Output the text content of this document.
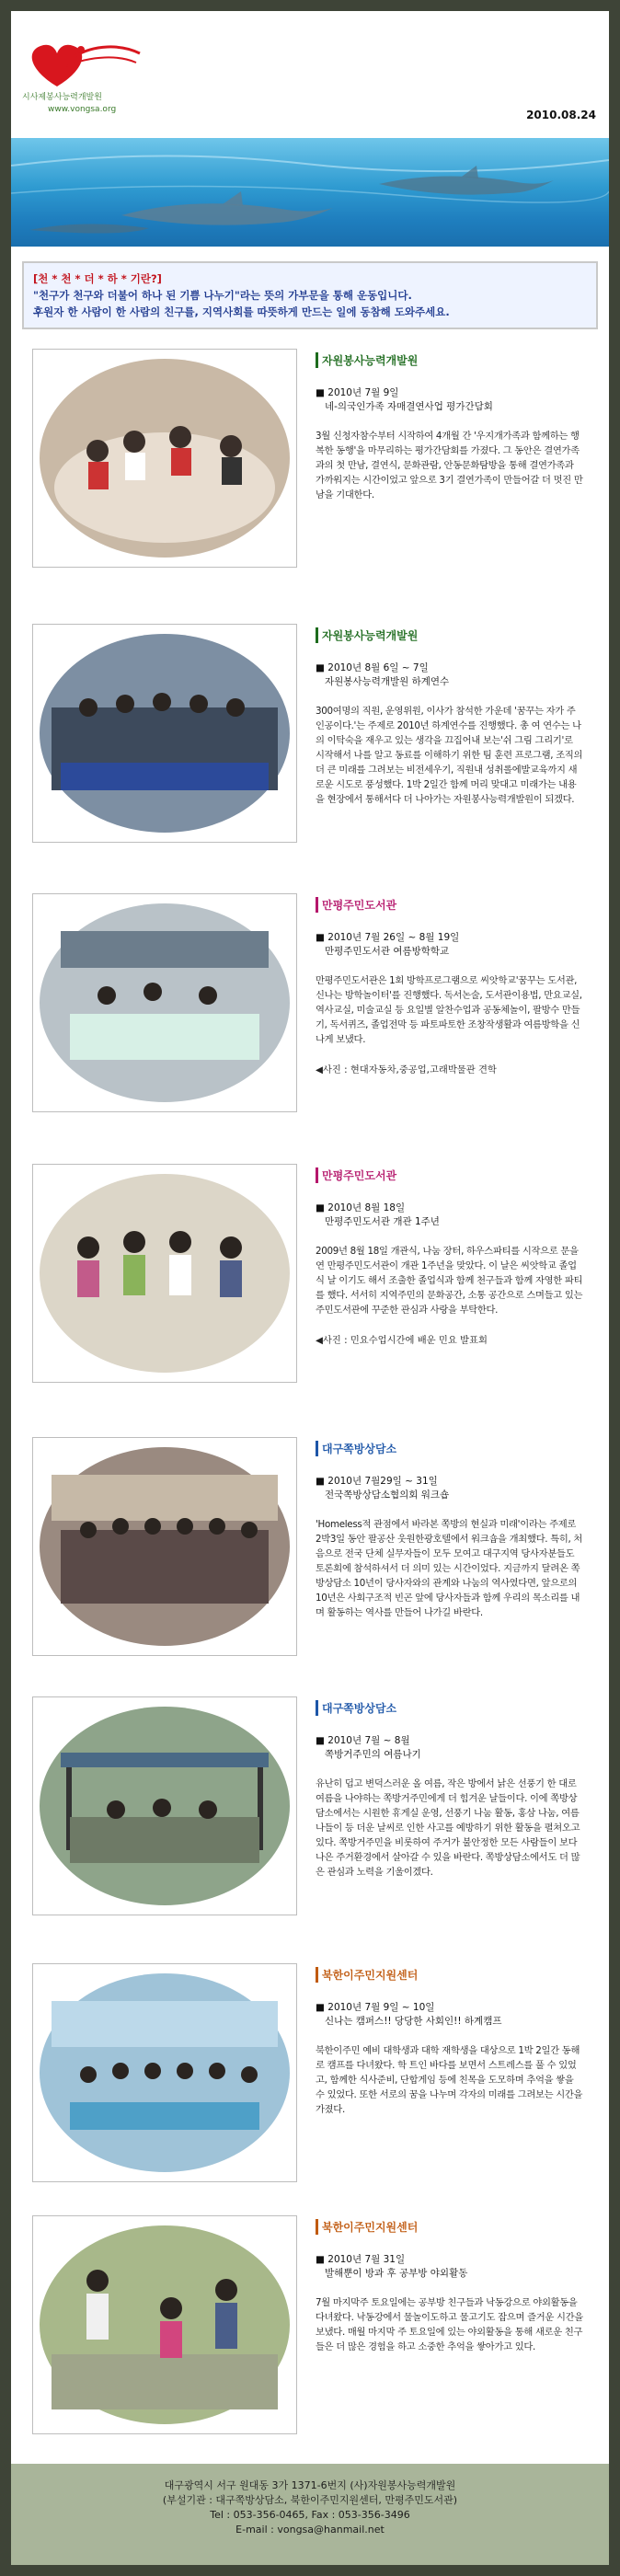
시사제봉사능력개발원
www.vongsa.org	2010.08.24
[천 * 천 * 더 * 하 * 기란?]
"천구가 천구와 더불어 하나 된 기쁨 나누기"라는 뜻의 가부문을 통해 운동입니다.
후원자 한 사람이 한 사람의 친구를, 지역사회를 따뜻하게 만드는 일에 동참해 도와주세요.
자원봉사능력개발원
■ 2010년 7월 9일
네-의국인가족 자매결연사업 평가간담회
3월 신청자참수부터 시작하여 4개월 간 '우지개가족과 함께하는 행복한 동행'을 마무리하는 평가간담회를 가졌다. 그 동안은 결연가족과의 첫 만남, 결연식, 문화관람, 안동문화탐방을 통해 결연가족과 가까워지는 시간이었고 앞으로 3기 결연가족이 만들어갈 더 멋진 만남을 기대한다.
자원봉사능력개발원
■ 2010년 8월 6일 ~ 7일
자원봉사능력개발원 하계연수
300여명의 직원, 운영위원, 이사가 참석한 가운데 '꿈꾸는 자가 주인공이다.'는 주제로 2010년 하계연수를 진행했다. 총 여 연수는 나의 이탁숙을 재우고 있는 생각을 끄집어내 보는'쉬 그림 그리기'로 시작해서 나를 알고 동료를 이해하기 위한 팀 훈련 프로그램, 조직의 더 큰 미래를 그려보는 비전세우기, 직원내 성취롤에발교육까지 새로운 시도로 풍성했다. 1박 2일간 함께 머리 맞대고 미래가는 내용을 현장에서 통해서다 더 나아가는 자원봉사능력개발원이 되겠다.
만평주민도서관
■ 2010년 7월 26일 ~ 8월 19일
만평주민도서관 여름방학학교
만평주민도서관은 1회 방학프로그램으로 씨앗학교'꿈꾸는 도서관, 신나는 방학놀이터'를 진행했다. 독서논술, 도서관이용법, 만요교실, 역사교실, 미술교실 등 요일별 알찬수업과 공동체놀이, 팔방수 만들기, 독서퀴즈, 졸업전막 등 파토파토한 조창작생활과 여름방학을 신나게 보냈다.
◀사진 : 현대자동차,중공업,고래박물관 견학
만평주민도서관
■ 2010년 8월 18일
만평주민도서관 개관 1주년
2009년 8월 18일 개관식, 나눔 장터, 하우스파티를 시작으로 문을 연 만평주민도서관이 개관 1주년을 맞았다. 이 날은 씨앗학교 졸업식 날 이기도 해서 조출한 졸업식과 함께 천구들과 함께 자영한 파티를 했다. 서서히 지역주민의 문화공간, 소통 공간으로 스며들고 있는 주민도서관에 꾸준한 관심과 사랑을 부탁한다.
◀사진 : 민요수업시간에 배운 민요 발표회
대구쪽방상담소
■ 2010년 7월29일 ~ 31일
전국쪽방상담소협의회 워크숍
'Homeless적 관점에서 바라본 쪽방의 현실과 미래'이라는 주제로 2박3일 동안 팔공산 웃원한광호텔에서 워크숍을 개최했다. 특히, 처음으로 전국 단체 실무자들이 모두 모여고 대구지역 당사자분들도 토론회에 참석하셔서 더 의미 있는 시간이었다. 지금까지 달려온 쪽방상담소 10년이 당사자와의 관계와 나눔의 역사였다면, 앞으로의 10년은 사회구조적 빈곤 앞에 당사자들과 함께 우리의 목소리를 내며 활동하는 역사를 만들어 나가길 바란다.
대구쪽방상담소
■ 2010년 7월 ~ 8월
쪽방거주민의 여름나기
유난히 덥고 변덕스러운 올 여름, 작은 방에서 낡은 선풍기 한 대로 여름을 나야하는 쪽방거주민에게 더 힘겨운 날들이다. 이에 쪽방상담소에서는 시원한 휴게실 운영, 선풍기 나눔 활동, 홍삼 나눔, 여름 나들이 등 더운 날씨로 인한 사고를 예방하기 위한 활동을 펼쳐오고 있다. 쪽방거주민을 비롯하여 주거가 불안정한 모든 사람들이 보다 나은 주거환경에서 살아갈 수 있을 바란다. 쪽방상담소에서도 더 많은 관심과 노력을 기울이겠다.
북한이주민지원센터
■ 2010년 7월 9일 ~ 10일
신나는 캠퍼스!! 당당한 사회인!! 하계캠프
북한이주민 예비 대학생과 대학 재학생을 대상으로 1박 2일간 동해로 캠프를 다녀왔다. 학 트인 바다를 보면서 스트레스를 풀 수 있었고, 함께한 식사준비, 단합게임 등에 친목을 도모하며 추억을 쌓을 수 있었다. 또한 서로의 꿈을 나누며 각자의 미래를 그려보는 시간을 가졌다.
북한이주민지원센터
■ 2010년 7월 31일
발해뿐이 방과 후 공부방 야외활동
7월 마지막주 토요일에는 공부방 친구들과 낙동강으로 야외활동을 다녀왔다. 낙동강에서 물놀이도하고 물고기도 잡으며 즐거운 시간을 보냈다. 매월 마지막 주 토요일에 있는 야외활동을 통해 새로운 친구들은 더 많은 경험을 하고 소중한 추억을 쌓아가고 있다.
대구광역시 서구 원대동 3가 1371-6번지 (사)자원봉사능력개발원
(부설기관 : 대구쪽방상담소, 북한이주민지원센터, 만평주민도서관)
Tel : 053-356-0465, Fax : 053-356-3496
E-mail : vongsa@hanmail.net
